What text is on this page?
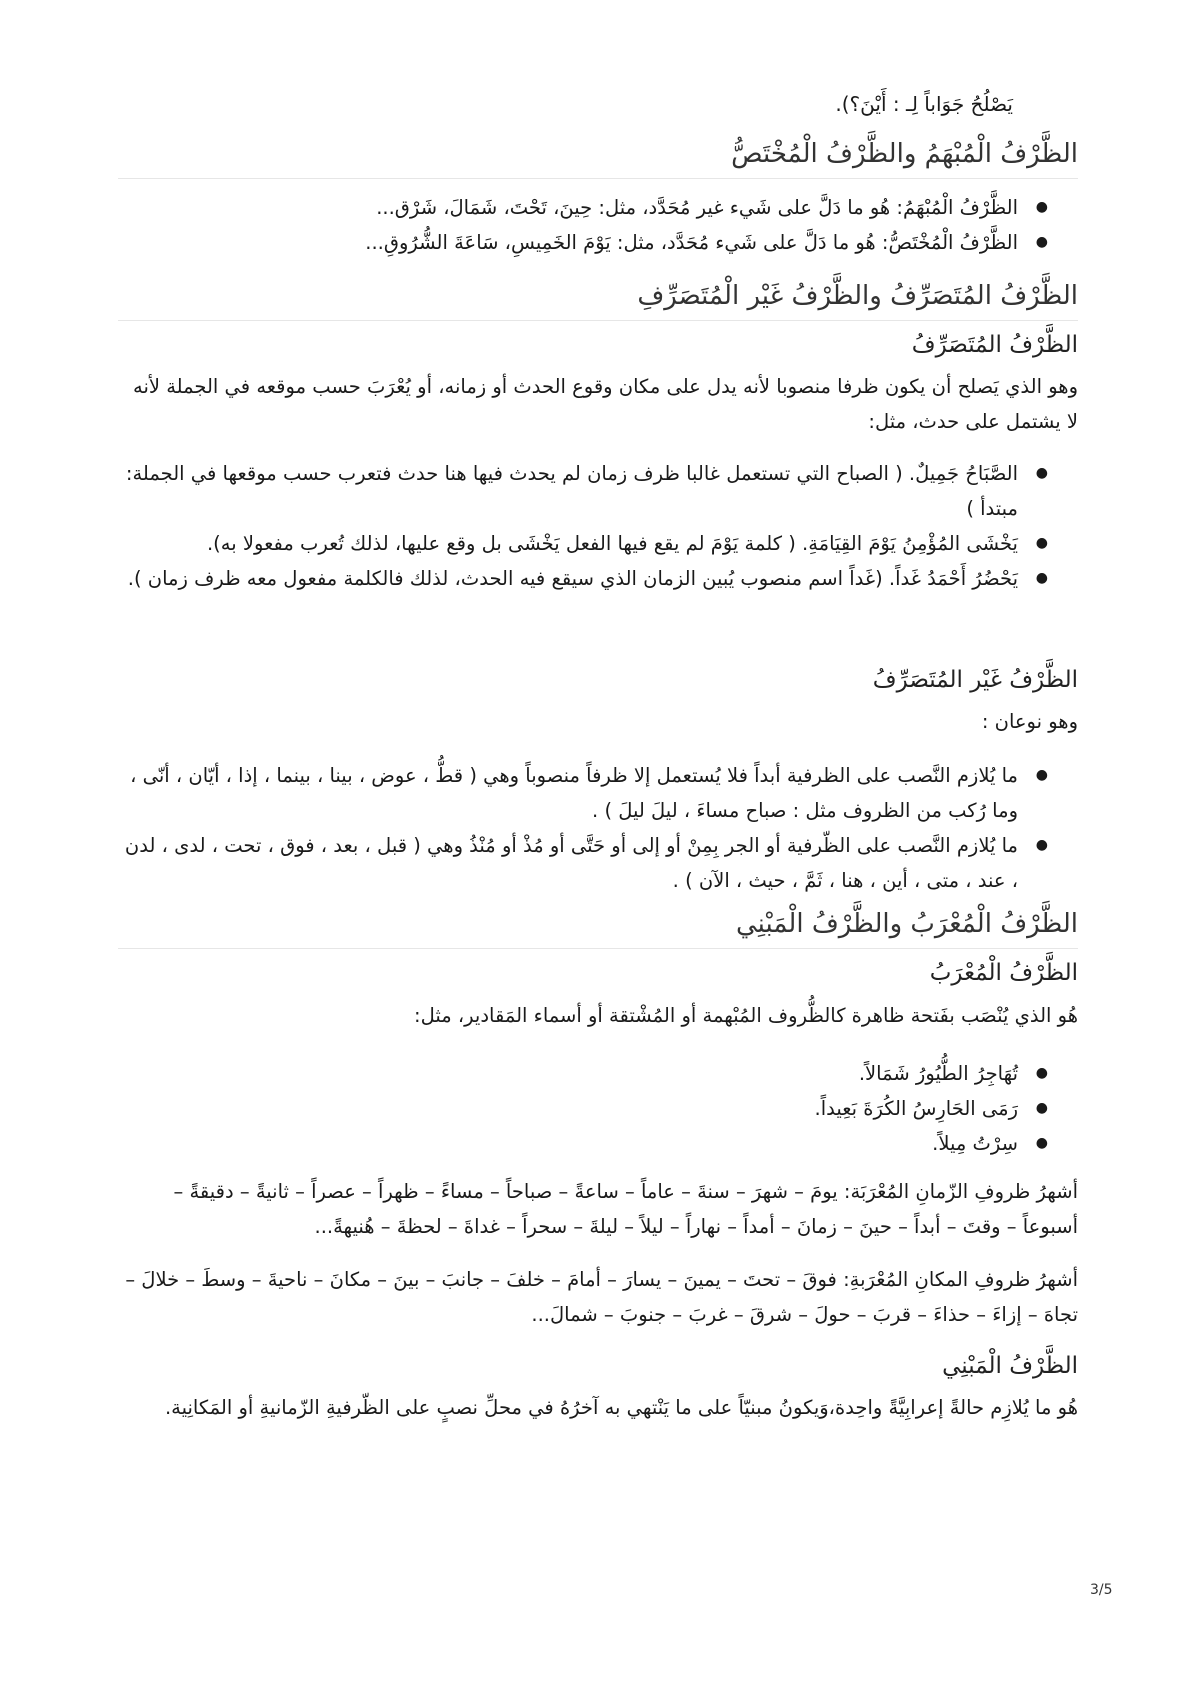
يَصْلُحُ جَوَاباً لِـ : أَيْنَ؟).
الظَّرْفُ الْمُبْهَمُ والظَّرْفُ الْمُخْتَصُّ
●
الظَّرْفُ الْمُبْهَمُ: هُو ما دَلَّ على شَيء غير مُحَدَّد، مثل: حِينَ، تَحْتَ، شَمَالَ، شَرْق...
●
الظَّرْفُ الْمُخْتَصُّ: هُو ما دَلَّ على شَيء مُحَدَّد، مثل: يَوْمَ الخَمِيسِ، سَاعَةَ الشُّرُوقِ...
الظَّرْفُ المُتَصَرِّفُ والظَّرْفُ غَيْر الْمُتَصَرِّفِ
الظَّرْفُ المُتَصَرِّفُ

وهو الذي يَصلح أن يكون ظرفا منصوبا لأنه يدل على مكان وقوع الحدث أو زمانه، أو يُعْرَبَ حسب موقعه في الجملة لأنه لا يشتمل على حدث، مثل:

●
الصَّبَاحُ جَمِيلٌ. ( الصباح التي تستعمل غالبا ظرف زمان لم يحدث فيها هنا حدث فتعرب حسب موقعها في الجملة: مبتدأ )
●
يَخْشَى المُؤْمِنُ يَوْمَ القِيَامَةِ. ( كلمة يَوْمَ لم يقع فيها الفعل يَخْشَى بل وقع عليها، لذلك تُعرب مفعولا به).
●
يَحْضُرُ أَحْمَدُ غَداً. (غَداً اسم منصوب يُبين الزمان الذي سيقع فيه الحدث، لذلك فالكلمة مفعول معه ظرف زمان ).
الظَّرْفُ غَيْر المُتَصَرِّفُ

وهو نوعان :

●
ما يُلازم النَّصب على الظرفية أبداً فلا يُستعمل إلا ظرفاً منصوباً وهي ( قطُّ ، عوض ، بينا ، بينما ، إذا ، أيّان ، أنّى ، وما رُكب من الظروف مثل : صباح مساءَ ، ليلَ ليلَ ) .
●
ما يُلازم النَّصب على الظّرفية أو الجر بِمِنْ أو إلى أو حَتَّى أو مُذْ أو مُنْذُ وهي ( قبل ، بعد ، فوق ، تحت ، لدى ، لدن ، عند ، متى ، أين ، هنا ، ثَمَّ ، حيث ، الآن ) .
الظَّرْفُ الْمُعْرَبُ والظَّرْفُ الْمَبْنِي
الظَّرْفُ الْمُعْرَبُ

هُو الذي يُنْصَب بفَتحة ظاهرة كالظُّروف المُبْهمة أو المُشْتقة أو أسماء المَقادير، مثل:

●
تُهَاجِرُ الطُّيُورُ شَمَالاً.
●
رَمَى الحَارِسُ الكُرَةَ بَعِيداً.
●
سِرْتُ مِيلاً.

أشهرُ ظروفِ الزّمانِ المُعْرَبَة: يومَ – شهرَ – سنةَ – عاماً – ساعةً – صباحاً – مساءً – ظهراً – عصراً – ثانيةً – دقيقةً – أسبوعاً – وقتَ – أبداً – حينَ – زمانَ – أمداً – نهاراً – ليلاً – ليلةَ – سحراً – غداةَ – لحظةَ – هُنيهةً...

أشهرُ ظروفِ المكانِ المُعْرَبةِ: فوقَ – تحتَ – يمينَ – يسارَ – أمامَ – خلفَ – جانبَ – بينَ – مكانَ – ناحيةَ – وسطَ – خلالَ – تجاهَ – إزاءَ – حذاءَ – قربَ – حولَ – شرقَ – غربَ – جنوبَ – شمالَ...

الظَّرْفُ الْمَبْنِي

هُو ما يُلازِم حالةً إعرابِيَّةً واحِدة،وَيكونُ مبنيّاً على ما يَنْتهي به آخرُهُ في محلِّ نصبٍ على الظّرفيةِ الزّمانيةِ أو المَكانِية.

3/5
